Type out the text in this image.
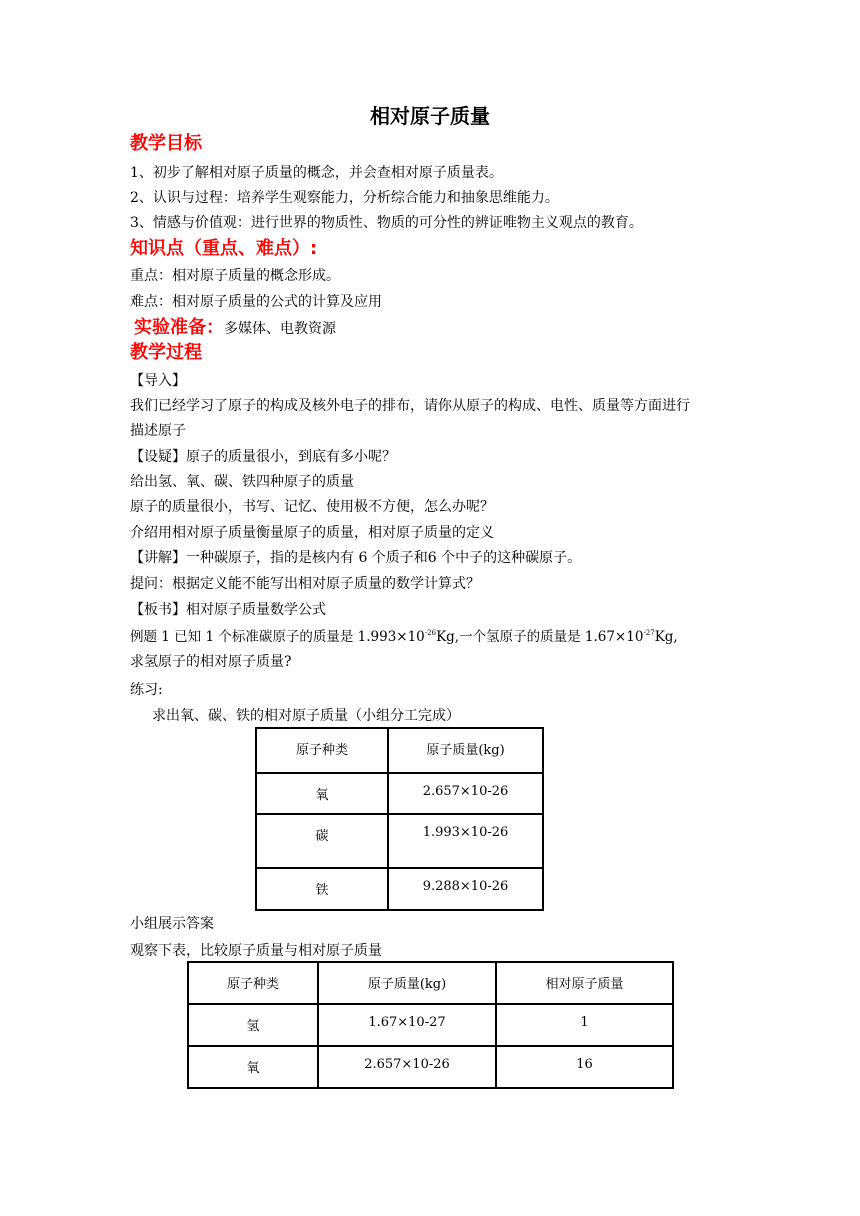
相对原子质量
教学目标
1、初步了解相对原子质量的概念，并会查相对原子质量表。
2、认识与过程：培养学生观察能力，分析综合能力和抽象思维能力。
3、情感与价值观：进行世界的物质性、物质的可分性的辨证唯物主义观点的教育。
知识点（重点、难点）:
重点：相对原子质量的概念形成。
难点：相对原子质量的公式的计算及应用
实验准备：多媒体、电教资源
教学过程
【导入】
我们已经学习了原子的构成及核外电子的排布，请你从原子的构成、电性、质量等方面进行
描述原子
【设疑】原子的质量很小，到底有多小呢？
给出氢、氧、碳、铁四种原子的质量
原子的质量很小，书写、记忆、使用极不方便，怎么办呢？
介绍用相对原子质量衡量原子的质量，相对原子质量的定义
【讲解】一种碳原子，指的是核内有 6 个质子和6 个中子的这种碳原子。
提问：根据定义能不能写出相对原子质量的数学计算式？
【板书】相对原子质量数学公式
例题 1 已知 1 个标准碳原子的质量是 $1.993\times 10^{-26}Kg$,一个氢原子的质量是 $1.67\times 10^{-27}Kg$,
求氢原子的相对原子质量?
练习:
求出氧、碳、铁的相对原子质量（小组分工完成）
原子种类	原子质量(kg)
氧	2.657×10-26
碳	1.993×10-26
铁	9.288×10-26
小组展示答案
观察下表，比较原子质量与相对原子质量
原子种类	原子质量(kg)	相对原子质量
氢	1.67×10-27	1
氧	2.657×10-26	16
